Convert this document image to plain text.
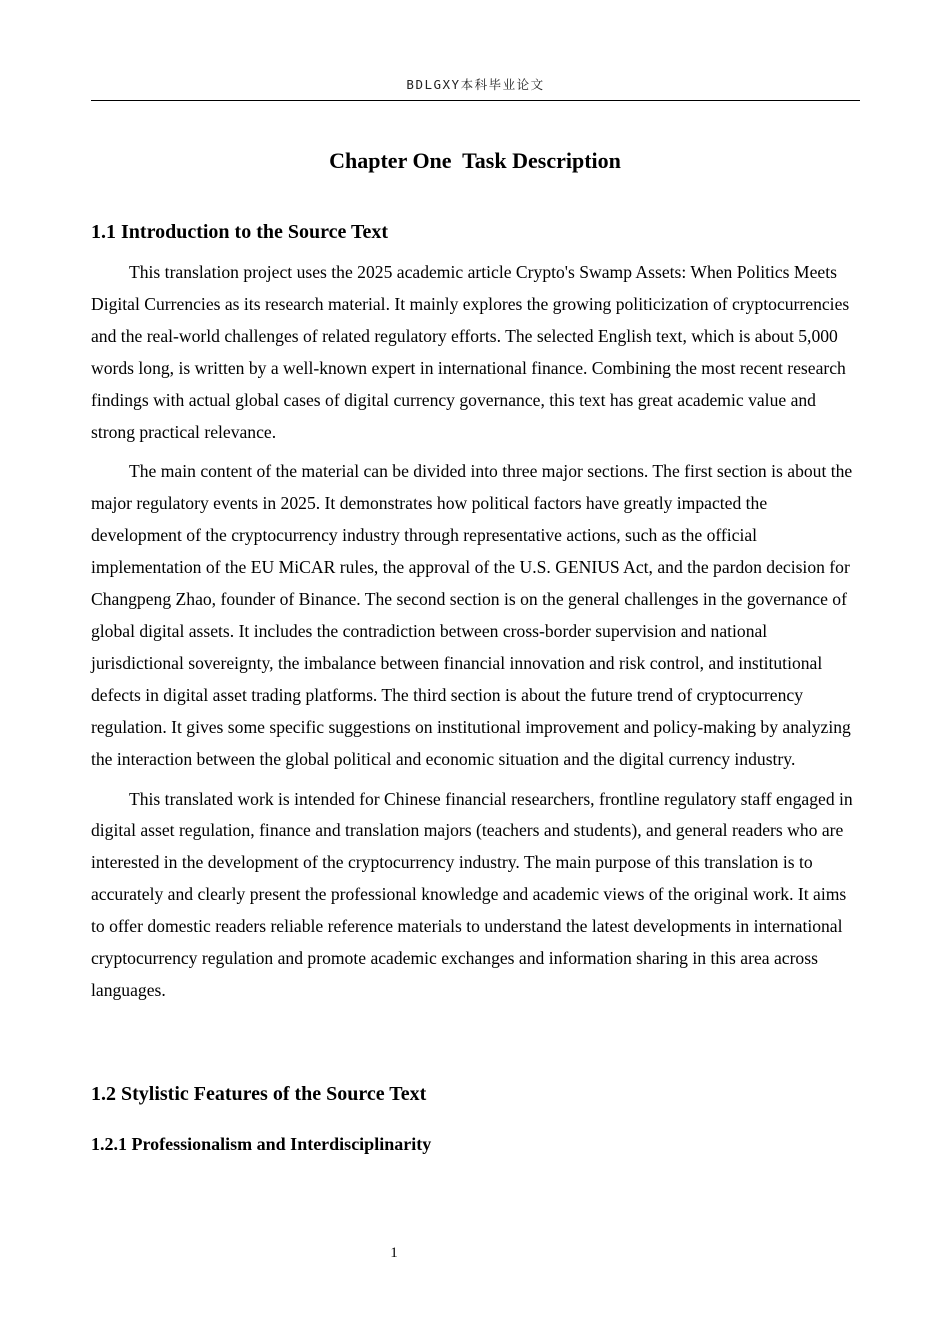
BDLGXY本科毕业论文
Chapter One  Task Description
1.1 Introduction to the Source Text

This translation project uses the 2025 academic article Crypto's Swamp Assets: When Politics Meets Digital Currencies as its research material. It mainly explores the growing politicization of cryptocurrencies and the real-world challenges of related regulatory efforts. The selected English text, which is about 5,000 words long, is written by a well-known expert in international finance. Combining the most recent research findings with actual global cases of digital currency governance, this text has great academic value and strong practical relevance.

The main content of the material can be divided into three major sections. The first section is about the major regulatory events in 2025. It demonstrates how political factors have greatly impacted the development of the cryptocurrency industry through representative actions, such as the official implementation of the EU MiCAR rules, the approval of the U.S. GENIUS Act, and the pardon decision for Changpeng Zhao, founder of Binance. The second section is on the general challenges in the governance of global digital assets. It includes the contradiction between cross-border supervision and national jurisdictional sovereignty, the imbalance between financial innovation and risk control, and institutional defects in digital asset trading platforms. The third section is about the future trend of cryptocurrency regulation. It gives some specific suggestions on institutional improvement and policy-making by analyzing the interaction between the global political and economic situation and the digital currency industry.

This translated work is intended for Chinese financial researchers, frontline regulatory staff engaged in digital asset regulation, finance and translation majors (teachers and students), and general readers who are interested in the development of the cryptocurrency industry. The main purpose of this translation is to accurately and clearly present the professional knowledge and academic views of the original work. It aims to offer domestic readers reliable reference materials to understand the latest developments in international cryptocurrency regulation and promote academic exchanges and information sharing in this area across languages.

1.2 Stylistic Features of the Source Text
1.2.1 Professionalism and Interdisciplinarity
1
